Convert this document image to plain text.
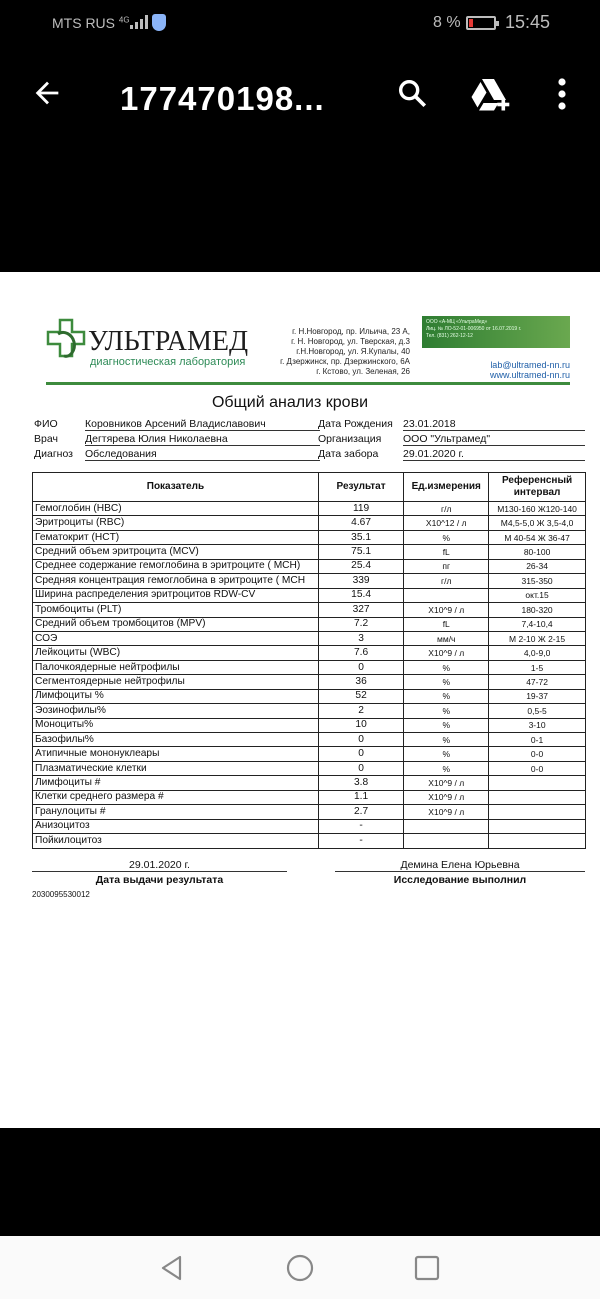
MTS RUS $^{4G}$	8 % 15:45
177470198...
УЛЬТРАМЕД
диагностическая лаборатория
г. Н.Новгород, пр. Ильича, 23 А,
г. Н. Новгород, ул. Тверская, д.3
г.Н.Новгород, ул. Я.Купалы, 40
г. Дзержинск, пр. Дзержинского, 6А
г. Кстово, ул. Зеленая, 26
ООО «А-МЦ «УльтраМед»
Лиц. № ЛО-52-01-006950 от 16.07.2019 г.
Тел. (831) 262-12-12
lab@ultramed-nn.ru
www.ultramed-nn.ru
Общий анализ крови
ФИО	Коровников Арсений Владиславович	Дата Рождения 23.01.2018
Врач	Дегтярева Юлия Николаевна	Организация ООО "Ультрамед"
Диагноз Обследования	Дата забора 29.01.2020 г.
Показатель	Результат	Ед.измерения	Референсный интервал
Гемоглобин (HBC)	119	г/л	М130-160 Ж120-140
Эритроциты (RBC)	4.67	X10^12 / л	М4,5-5,0 Ж 3,5-4,0
Гематокрит (HCT)	35.1	%	М 40-54 Ж 36-47
Средний объем эритроцита (MCV)	75.1	fL	80-100
Среднее содержание гемоглобина в эритроците ( МСН)	25.4	пг	26-34
Средняя концентрация гемоглобина в эритроците ( МСН	339	г/л	315-350
Ширина распределения эритроцитов RDW-CV	15.4		окт.15
Тромбоциты (PLT)	327	X10^9 / л	180-320
Средний объем тромбоцитов (MPV)	7.2	fL	7,4-10,4
СОЭ	3	мм/ч	М 2-10 Ж 2-15
Лейкоциты (WBC)	7.6	X10^9 / л	4,0-9,0
Палочкоядерные нейтрофилы	0	%	1-5
Сегментоядерные нейтрофилы	36	%	47-72
Лимфоциты %	52	%	19-37
Эозинофилы%	2	%	0,5-5
Моноциты%	10	%	3-10
Базофилы%	0	%	0-1
Атипичные мононуклеары	0	%	0-0
Плазматические клетки	0	%	0-0
Лимфоциты #	3.8	X10^9 / л	
Клетки среднего размера #	1.1	X10^9 / л	
Гранулоциты #	2.7	X10^9 / л	
Анизоцитоз	-		
Пойкилоцитоз	-		
29.01.2020 г.
Дата выдачи результата
Демина Елена Юрьевна
Исследование выполнил
2030095530012
